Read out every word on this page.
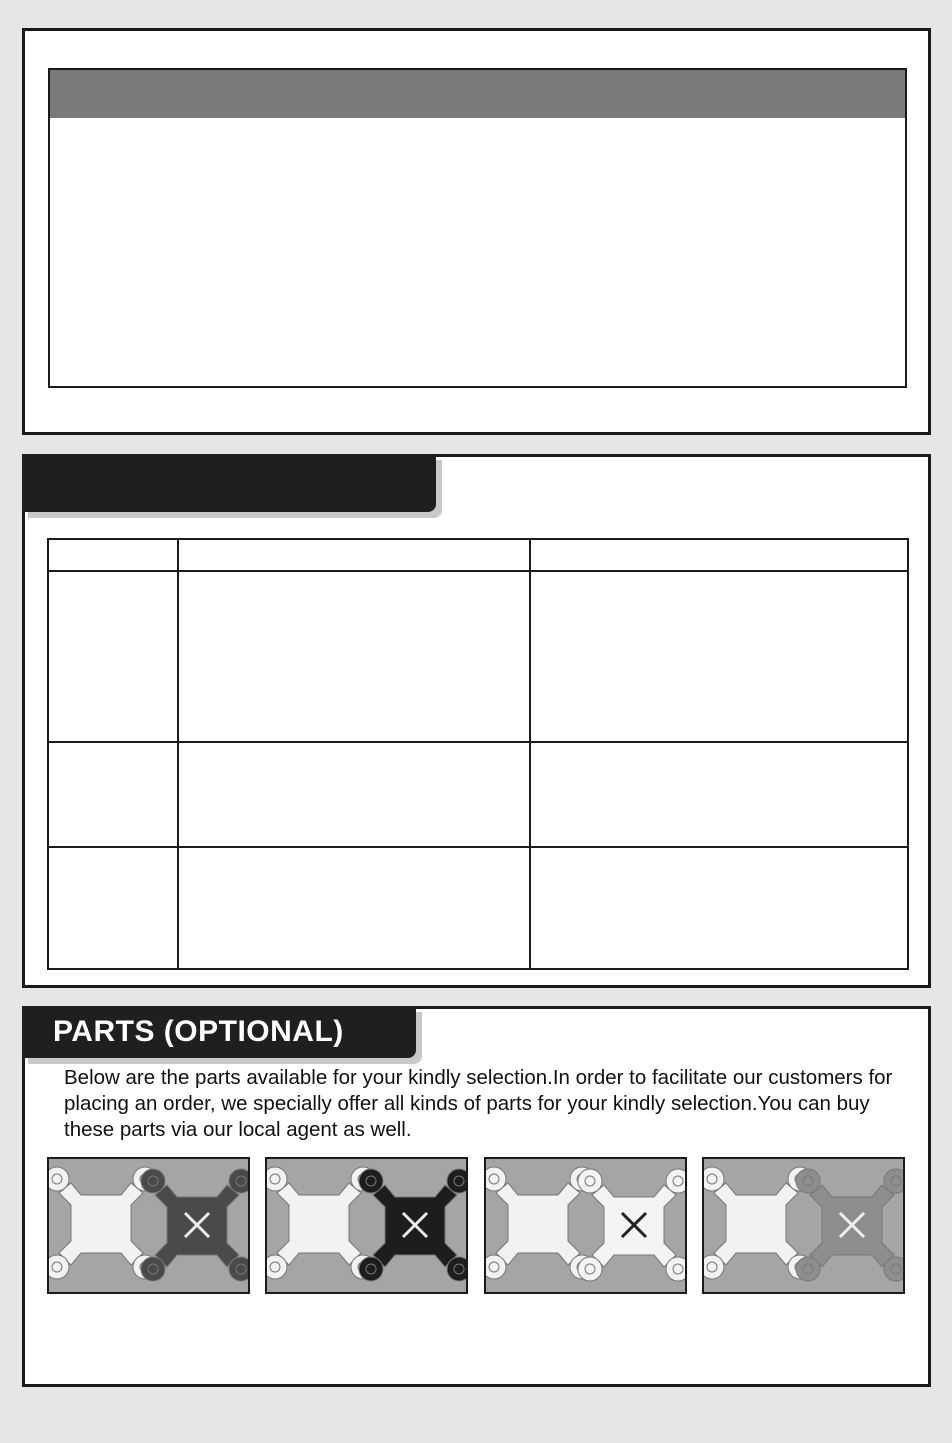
PARTS (OPTIONAL)

Below are the parts available for your kindly selection.In order to facilitate our customers for placing an order, we specially offer all kinds of parts for your kindly selection.You can buy these parts via our local agent as well.
